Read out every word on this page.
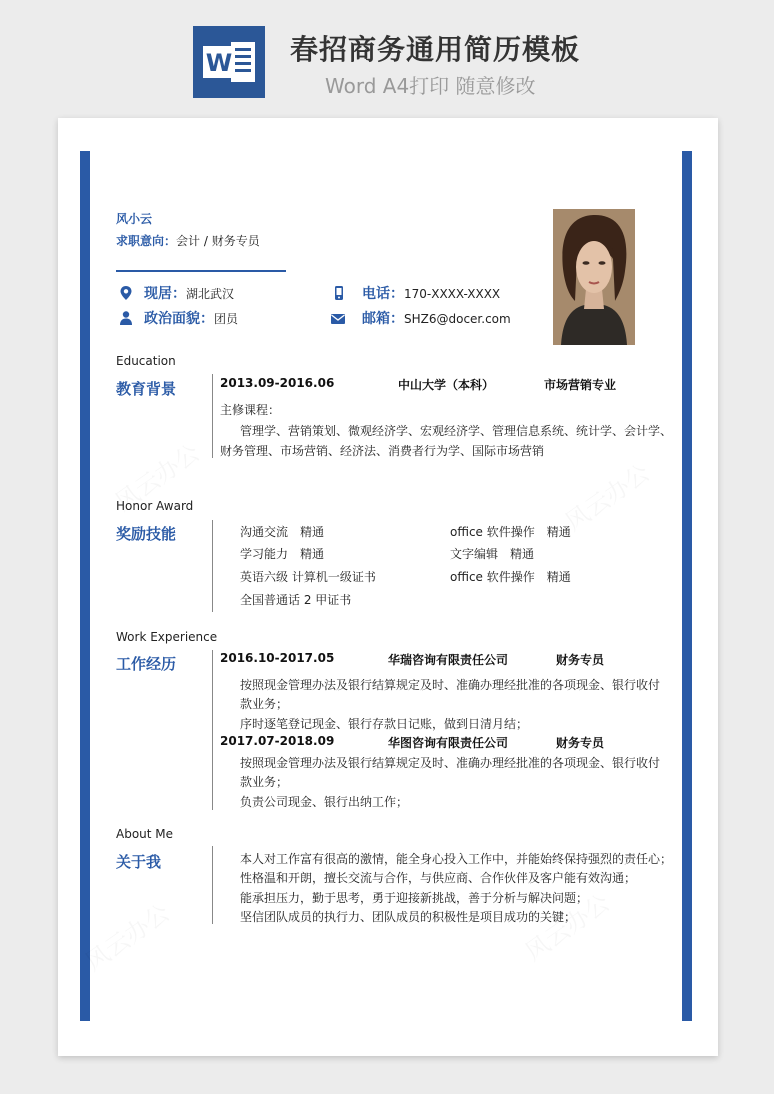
W 春招商务通用简历模板
Word A4打印 随意修改
风小云
求职意向：会计 / 财务专员
现居：湖北武汉
政治面貌：团员
电话：170-XXXX-XXXX
邮箱：SHZ6@docer.com
Education
教育背景	2013.09-2016.06	中山大学（本科）	市场营销专业
主修课程：
管理学、营销策划、微观经济学、宏观经济学、管理信息系统、统计学、会计学、
财务管理、市场营销、经济法、消费者行为学、国际市场营销
Honor Award
奖励技能	沟通交流　精通	office 软件操作　精通
学习能力　精通	文字编辑　精通
英语六级 计算机一级证书	office 软件操作　精通
全国普通话 2 甲证书
Work Experience
工作经历	2016.10-2017.05	华瑞咨询有限责任公司	财务专员
按照现金管理办法及银行结算规定及时、准确办理经批准的各项现金、银行收付
款业务；
序时逐笔登记现金、银行存款日记账，做到日清月结；
2017.07-2018.09	华图咨询有限责任公司	财务专员
按照现金管理办法及银行结算规定及时、准确办理经批准的各项现金、银行收付
款业务；
负责公司现金、银行出纳工作；
About Me
关于我	本人对工作富有很高的激情，能全身心投入工作中，并能始终保持强烈的责任心；
性格温和开朗，擅长交流与合作，与供应商、合作伙伴及客户能有效沟通；
能承担压力，勤于思考，勇于迎接新挑战，善于分析与解决问题；
坚信团队成员的执行力、团队成员的积极性是项目成功的关键；
